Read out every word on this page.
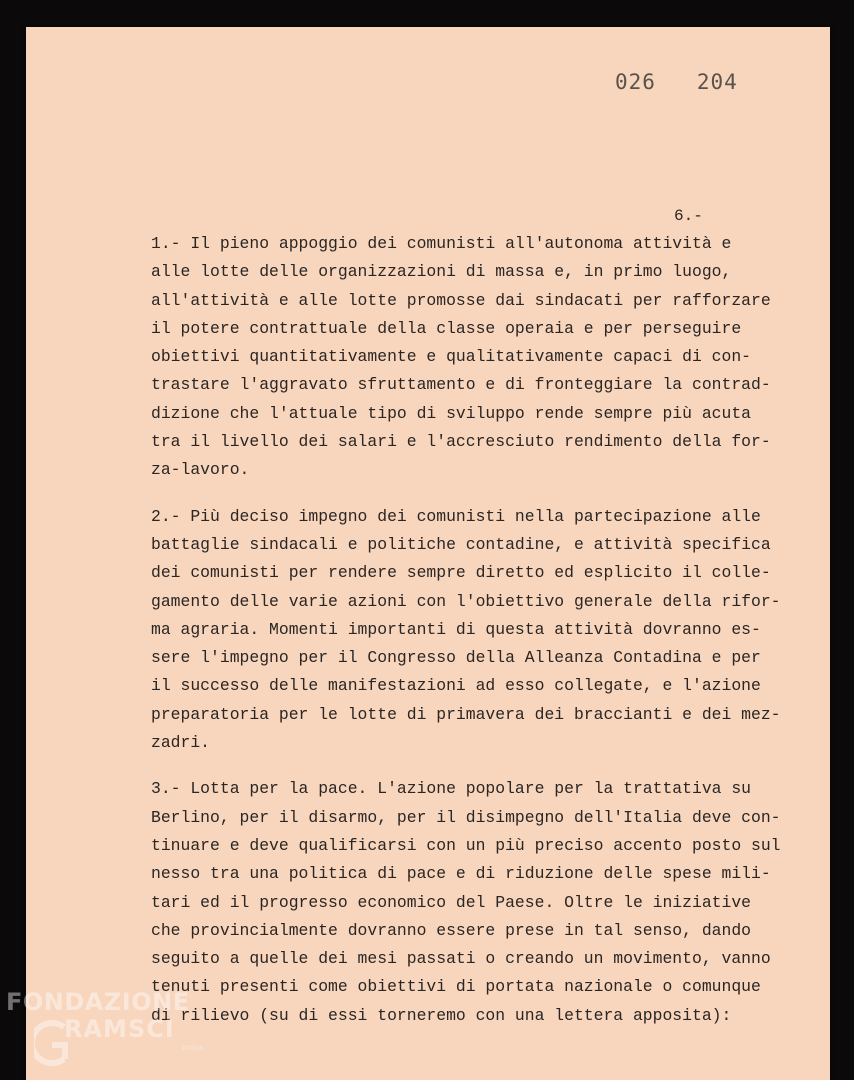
026   204
6.-
1.- Il pieno appoggio dei comunisti all'autonoma attività e
alle lotte delle organizzazioni di massa e, in primo luogo,
all'attività e alle lotte promosse dai sindacati per rafforzare
il potere contrattuale della classe operaia e per perseguire
obiettivi quantitativamente e qualitativamente capaci di con-
trastare l'aggravato sfruttamento e di fronteggiare la contrad-
dizione che l'attuale tipo di sviluppo rende sempre più acuta
tra il livello dei salari e l'accresciuto rendimento della for-
za-lavoro.
2.- Più deciso impegno dei comunisti nella partecipazione alle
battaglie sindacali e politiche contadine, e attività specifica
dei comunisti per rendere sempre diretto ed esplicito il colle-
gamento delle varie azioni con l'obiettivo generale della rifor-
ma agraria. Momenti importanti di questa attività dovranno es-
sere l'impegno per il Congresso della Alleanza Contadina e per
il successo delle manifestazioni ad esso collegate, e l'azione
preparatoria per le lotte di primavera dei braccianti e dei mez-
zadri.
3.- Lotta per la pace. L'azione popolare per la trattativa su
Berlino, per il disarmo, per il disimpegno dell'Italia deve con-
tinuare e deve qualificarsi con un più preciso accento posto sul
nesso tra una politica di pace e di riduzione delle spese mili-
tari ed il progresso economico del Paese. Oltre le iniziative
che provincialmente dovranno essere prese in tal senso, dando
seguito a quelle dei mesi passati o creando un movimento, vanno
tenuti presenti come obiettivi di portata nazionale o comunque
di rilievo (su di essi torneremo con una lettera apposita):
FONDAZIONE
RAMSCI
onlus
